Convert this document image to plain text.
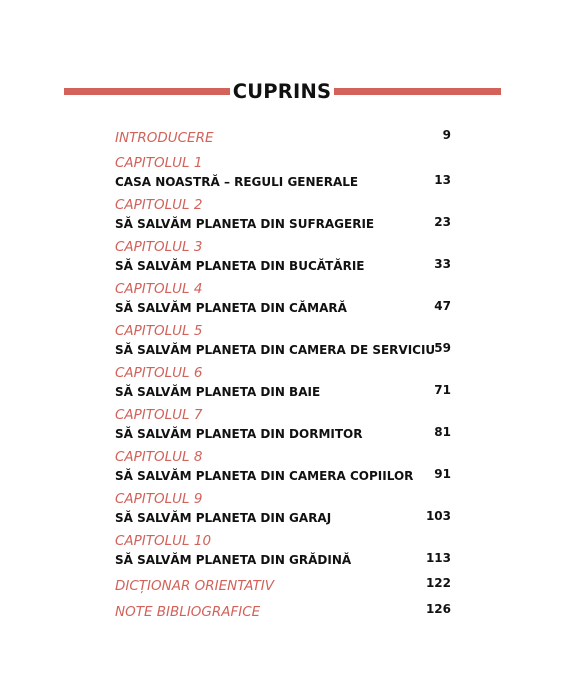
CUPRINS
INTRODUCERE	9
CAPITOLUL 1
CASA NOASTRĂ – REGULI GENERALE	13
CAPITOLUL 2
SĂ SALVĂM PLANETA DIN SUFRAGERIE	23
CAPITOLUL 3
SĂ SALVĂM PLANETA DIN BUCĂTĂRIE	33
CAPITOLUL 4
SĂ SALVĂM PLANETA DIN CĂMARĂ	47
CAPITOLUL 5
SĂ SALVĂM PLANETA DIN CAMERA DE SERVICIU 59
CAPITOLUL 6
SĂ SALVĂM PLANETA DIN BAIE	71
CAPITOLUL 7
SĂ SALVĂM PLANETA DIN DORMITOR	81
CAPITOLUL 8
SĂ SALVĂM PLANETA DIN CAMERA COPIILOR 91
CAPITOLUL 9
SĂ SALVĂM PLANETA DIN GARAJ	103
CAPITOLUL 10
SĂ SALVĂM PLANETA DIN GRĂDINĂ	113
DICȚIONAR ORIENTATIV	122
NOTE BIBLIOGRAFICE	126
